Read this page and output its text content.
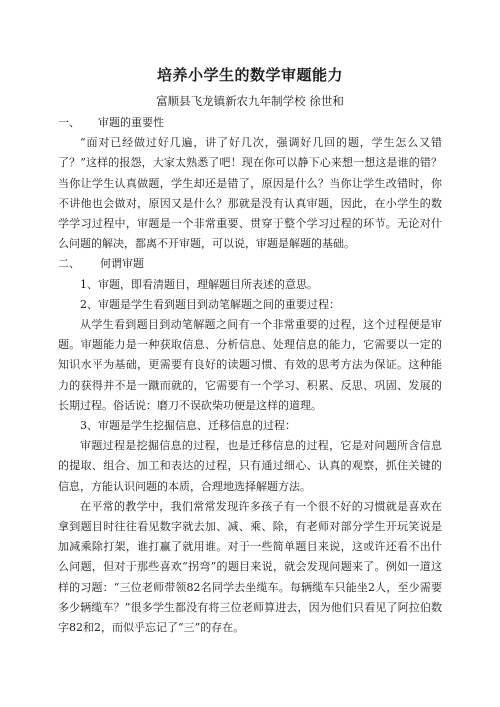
培养小学生的数学审题能力
富顺县飞龙镇新农九年制学校 徐世和
一、 审题的重要性

“面对已经做过好几遍，讲了好几次，强调好几回的题，学生怎么又错了？”这样的报怨，大家太熟悉了吧！现在你可以静下心来想一想这是谁的错？当你让学生认真做题，学生却还是错了，原因是什么？当你让学生改错时，你不讲他也会做对，原因又是什么？那就是没有认真审题，因此，在小学生的数学学习过程中，审题是一个非常重要、贯穿于整个学习过程的环节。无论对什么问题的解决，都离不开审题，可以说，审题是解题的基础。

二、 何谓审题
1、审题，即看清题目，理解题目所表述的意思。
2、审题是学生看到题目到动笔解题之间的重要过程：

从学生看到题目到动笔解题之间有一个非常重要的过程，这个过程便是审题。审题能力是一种获取信息、分析信息、处理信息的能力，它需要以一定的知识水平为基础，更需要有良好的读题习惯、有效的思考方法为保证。这种能力的获得并不是一蹴而就的，它需要有一个学习、积累、反思、巩固、发展的长期过程。俗话说：磨刀不误砍柴功便是这样的道理。

3、审题是学生挖掘信息、迁移信息的过程：

审题过程是挖掘信息的过程，也是迁移信息的过程，它是对问题所含信息的提取、组合、加工和表达的过程，只有通过细心、认真的观察，抓住关键的信息，方能认识问题的本质，合理地选择解题方法。

在平常的教学中，我们常常发现许多孩子有一个很不好的习惯就是喜欢在拿到题目时往往看见数字就去加、减、乘、除，有老师对部分学生开玩笑说是加减乘除打架，谁打赢了就用谁。对于一些简单题目来说，这或许还看不出什么问题，但对于那些喜欢“拐弯”的题目来说，就会发现问题来了。例如一道这样的习题：“三位老师带领82名同学去坐缆车。每辆缆车只能坐2人，至少需要多少辆缆车？”很多学生都没有将三位老师算进去，因为他们只看见了阿拉伯数字82和2，而似乎忘记了“三”的存在。
